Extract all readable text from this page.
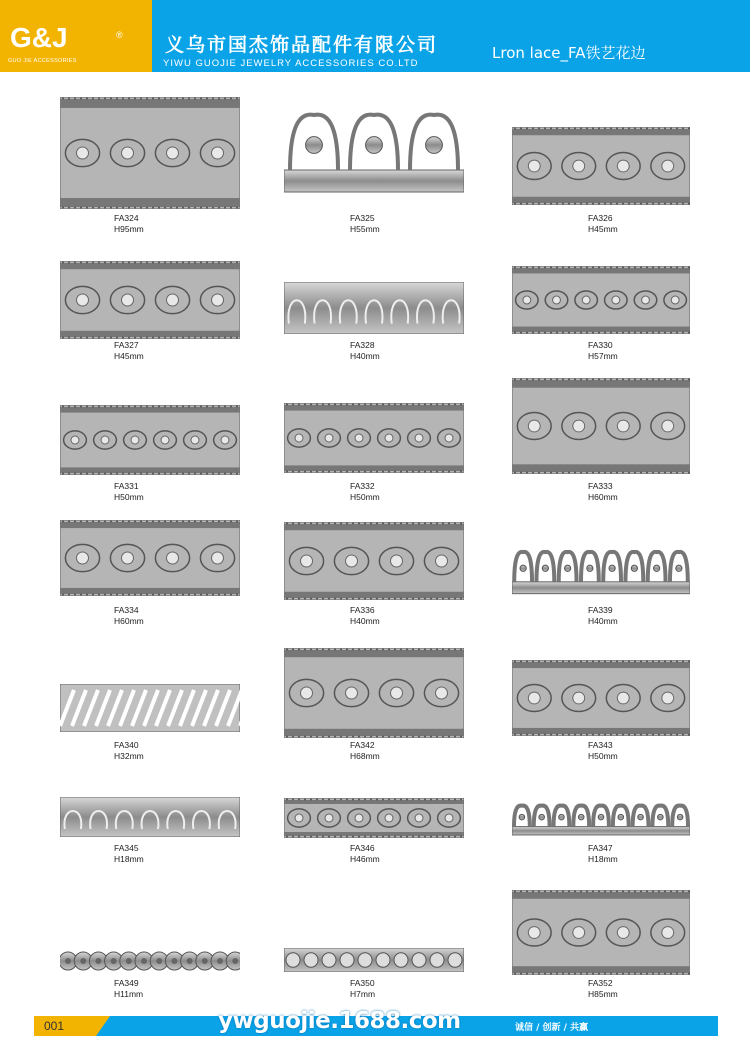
G&J	®
GUO JIE ACCESSORIES
义乌市国杰饰品配件有限公司
YIWU GUOJIE JEWELRY ACCESSORIES CO.LTD
Lron lace_FA铁艺花边
FA324
H95mm
FA325
H55mm
FA326
H45mm
FA327
H45mm
FA328
H40mm
FA330
H57mm
FA331
H50mm
FA332
H50mm
FA333
H60mm
FA334
H60mm
FA336
H40mm
FA339
H40mm
FA340
H32mm
FA342
H68mm
FA343
H50mm
FA345
H18mm
FA346
H46mm
FA347
H18mm
FA349
H11mm
FA350
H7mm
FA352
H85mm
001	ywguojie.1688.com	诚信 / 创新 / 共赢
